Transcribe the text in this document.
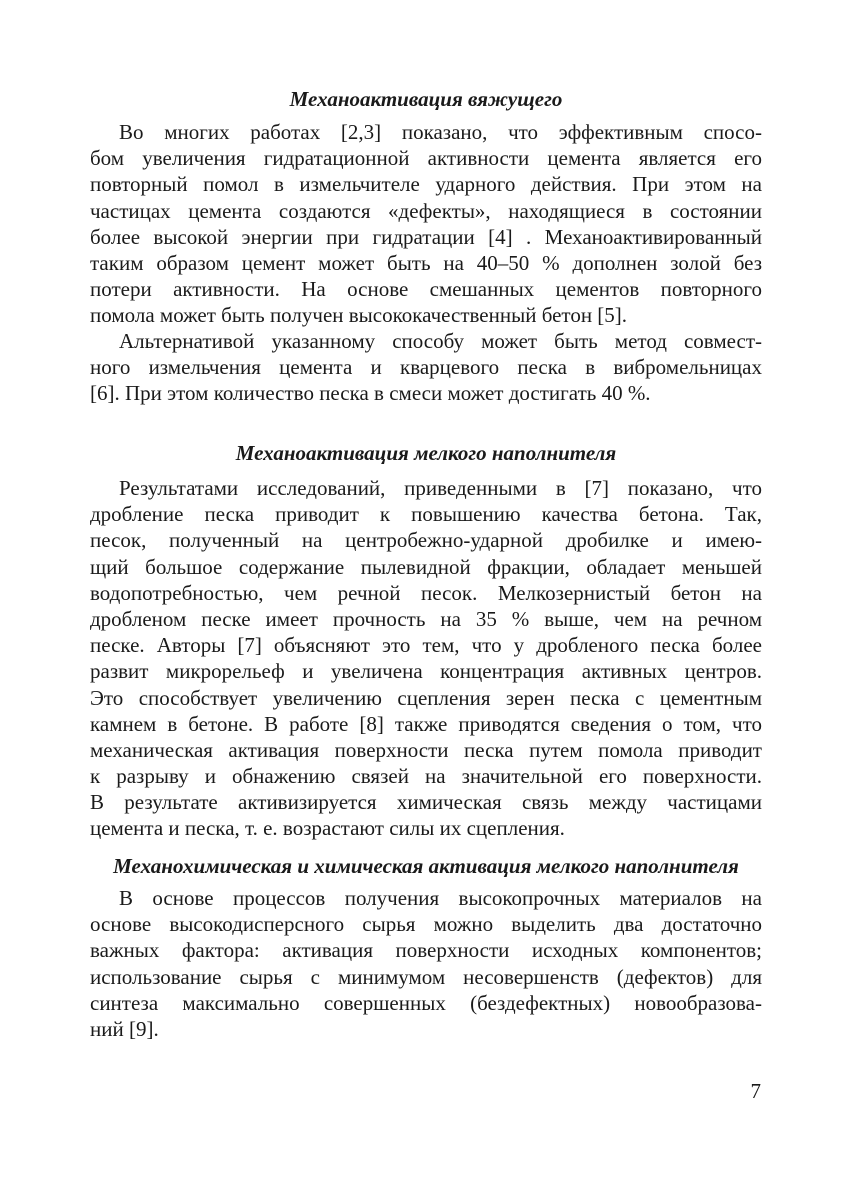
Механоактивация вяжущего
Во многих работах [2,3] показано, что эффективным спосо-
бом увеличения гидратационной активности цемента является его
повторный помол в измельчителе ударного действия. При этом на
частицах цемента создаются «дефекты», находящиеся в состоянии
более высокой энергии при гидратации [4] . Механоактивированный
таким образом цемент может быть на 40–50 % дополнен золой без
потери активности. На основе смешанных цементов повторного
помола может быть получен высококачественный бетон [5].
Альтернативой указанному способу может быть метод совмест-
ного измельчения цемента и кварцевого песка в вибромельницах
[6]. При этом количество песка в смеси может достигать 40 %.
Механоактивация мелкого наполнителя
Результатами исследований, приведенными в [7] показано, что
дробление песка приводит к повышению качества бетона. Так,
песок, полученный на центробежно-ударной дробилке и имею-
щий большое содержание пылевидной фракции, обладает меньшей
водопотребностью, чем речной песок. Мелкозернистый бетон на
дробленом песке имеет прочность на 35 % выше, чем на речном
песке. Авторы [7] объясняют это тем, что у дробленого песка более
развит микрорельеф и увеличена концентрация активных центров.
Это способствует увеличению сцепления зерен песка с цементным
камнем в бетоне. В работе [8] также приводятся сведения о том, что
механическая активация поверхности песка путем помола приводит
к разрыву и обнажению связей на значительной его поверхности.
В результате активизируется химическая связь между частицами
цемента и песка, т. е. возрастают силы их сцепления.
Механохимическая и химическая активация мелкого наполнителя
В основе процессов получения высокопрочных материалов на
основе высокодисперсного сырья можно выделить два достаточно
важных фактора: активация поверхности исходных компонентов;
использование сырья с минимумом несовершенств (дефектов) для
синтеза максимально совершенных (бездефектных) новообразова-
ний [9].

7
